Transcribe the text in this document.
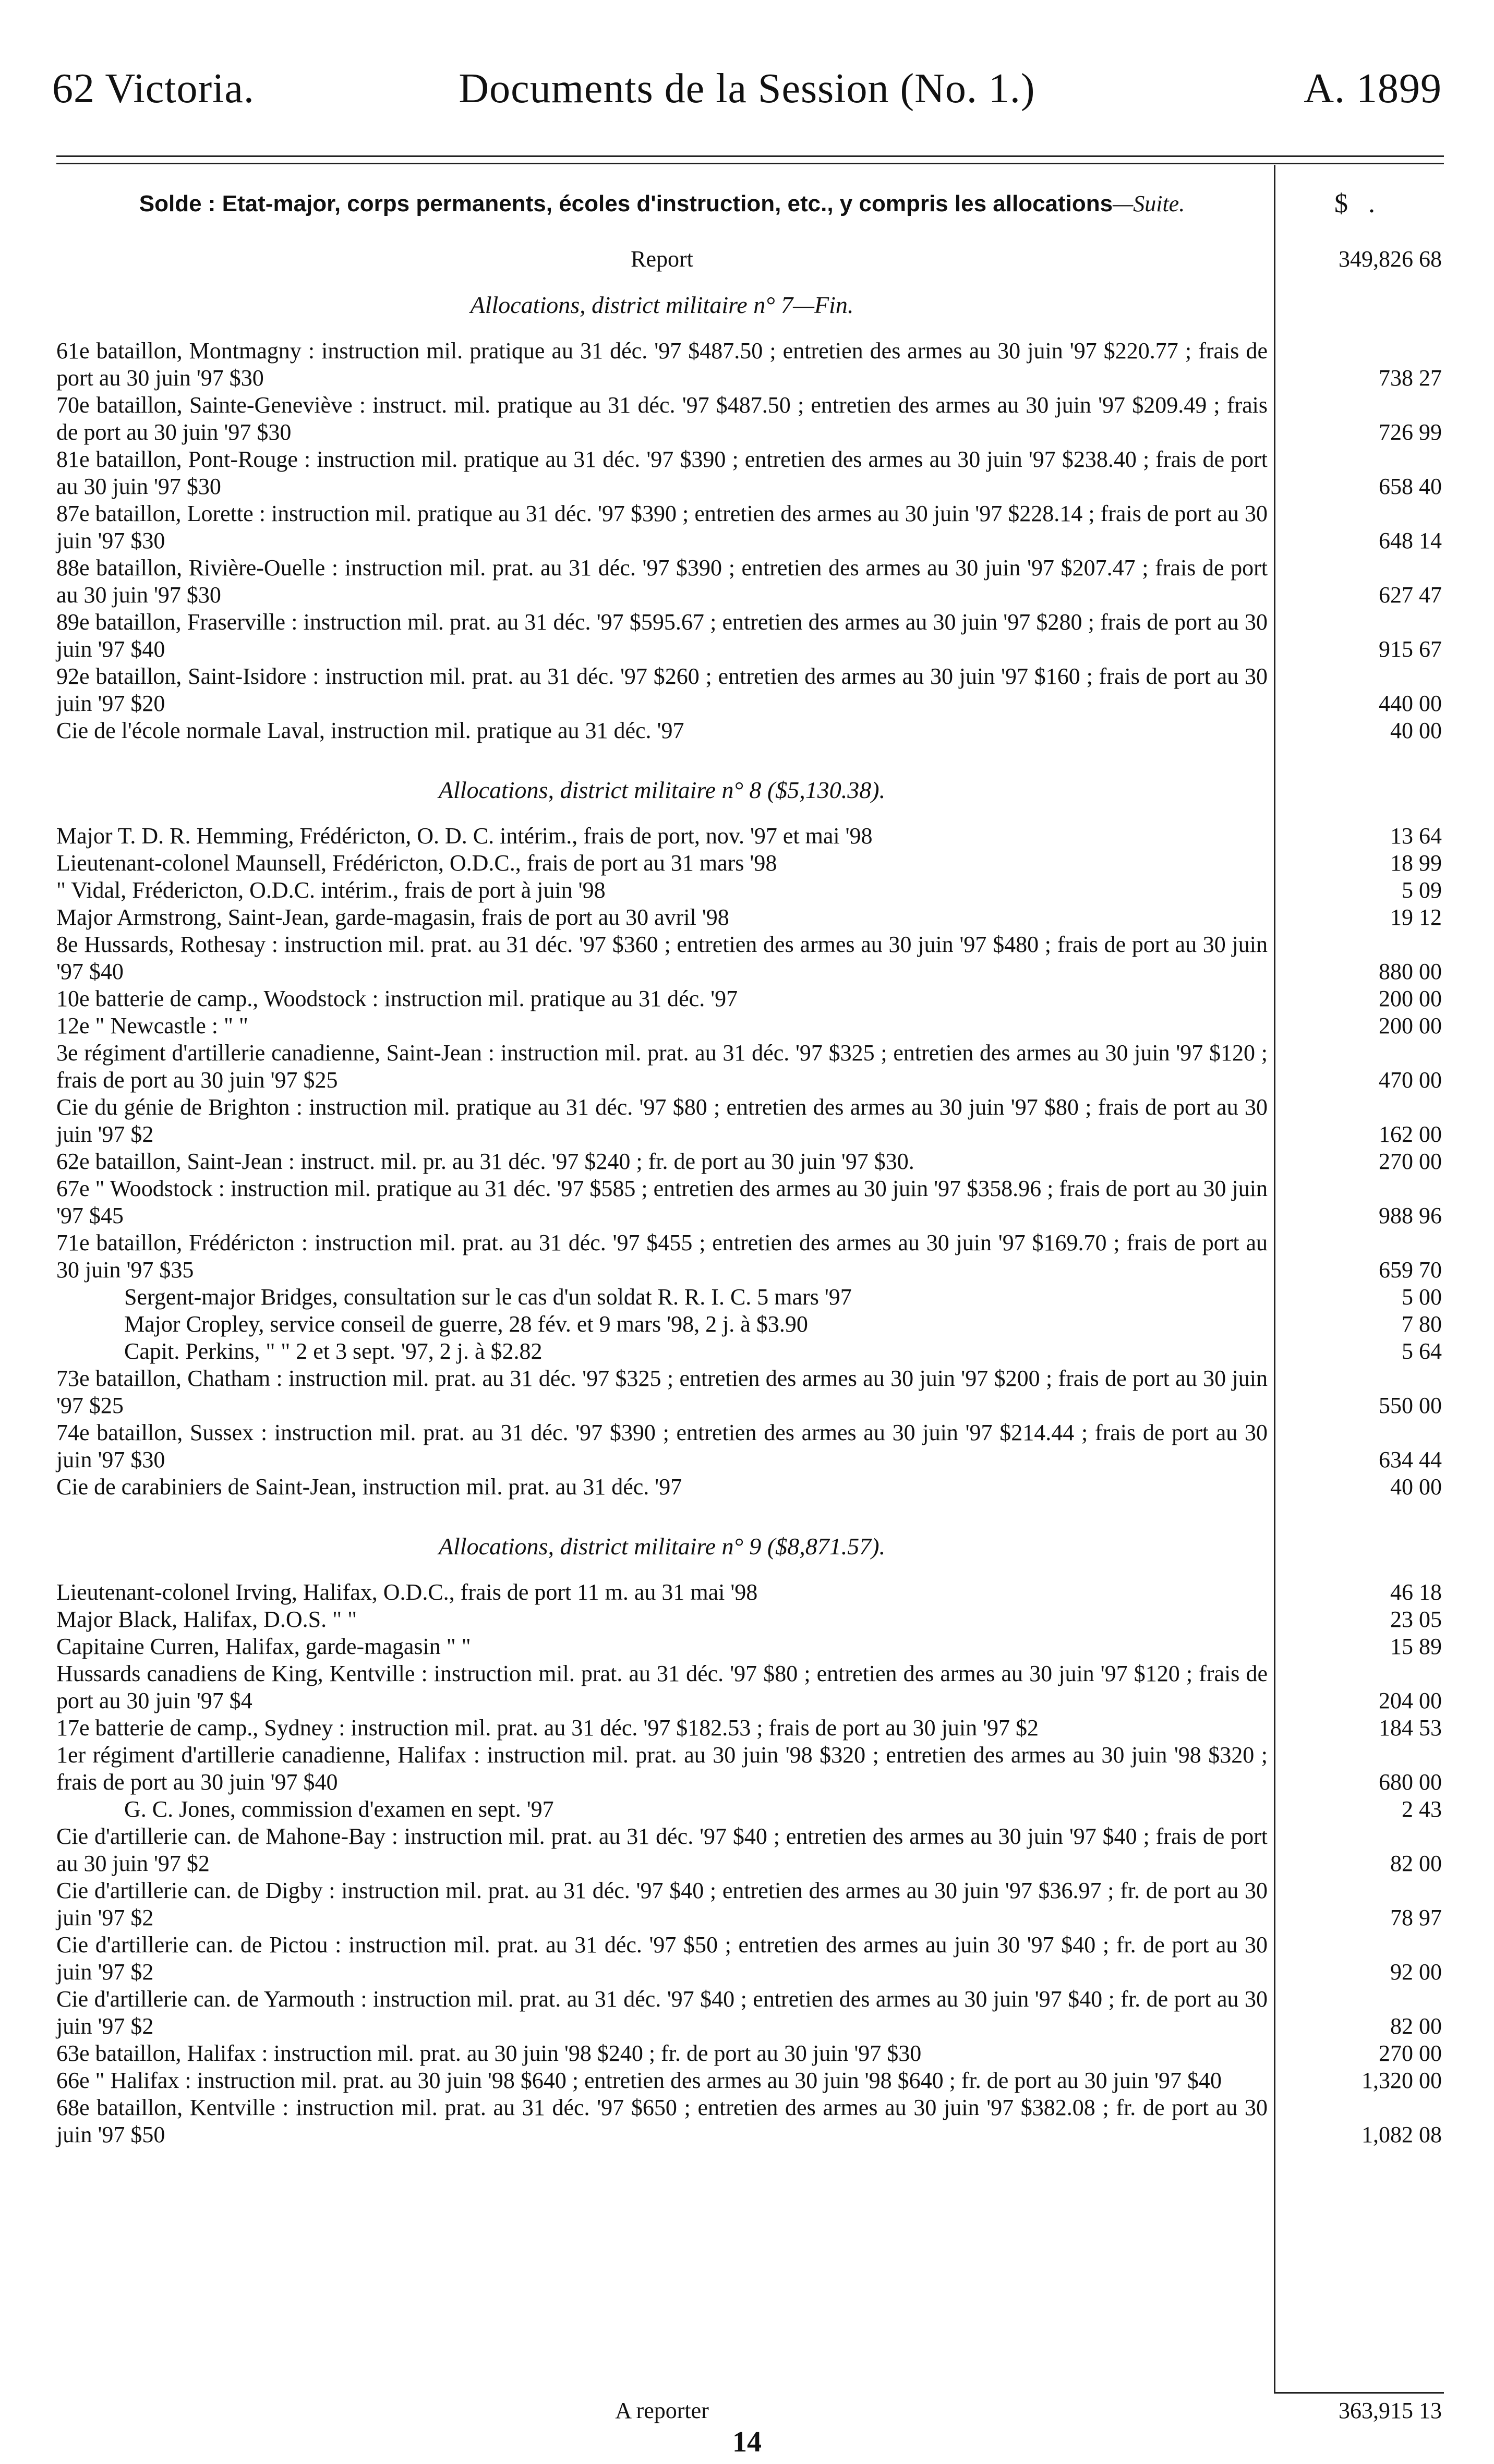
62 Victoria.	Documents de la Session (No. 1.)	A. 1899
Solde : Etat-major, corps permanents, écoles d'instruction, etc., y compris les allocations—Suite.	$ .
Report	349,826 68
Allocations, district militaire n° 7—Fin.
61e bataillon, Montmagny : instruction mil. pratique au 31 déc. '97 $487.50 ; entretien des armes au 30 juin '97 $220.77 ; frais de port au 30 juin '97 $30	738 27
70e bataillon, Sainte-Geneviève : instruct. mil. pratique au 31 déc. '97 $487.50 ; entretien des armes au 30 juin '97 $209.49 ; frais de port au 30 juin '97 $30	726 99
81e bataillon, Pont-Rouge : instruction mil. pratique au 31 déc. '97 $390 ; entretien des armes au 30 juin '97 $238.40 ; frais de port au 30 juin '97 $30	658 40
87e bataillon, Lorette : instruction mil. pratique au 31 déc. '97 $390 ; entretien des armes au 30 juin '97 $228.14 ; frais de port au 30 juin '97 $30	648 14
88e bataillon, Rivière-Ouelle : instruction mil. prat. au 31 déc. '97 $390 ; entretien des armes au 30 juin '97 $207.47 ; frais de port au 30 juin '97 $30	627 47
89e bataillon, Fraserville : instruction mil. prat. au 31 déc. '97 $595.67 ; entretien des armes au 30 juin '97 $280 ; frais de port au 30 juin '97 $40	915 67
92e bataillon, Saint-Isidore : instruction mil. prat. au 31 déc. '97 $260 ; entretien des armes au 30 juin '97 $160 ; frais de port au 30 juin '97 $20	440 00
Cie de l'école normale Laval, instruction mil. pratique au 31 déc. '97	40 00
Allocations, district militaire n° 8 ($5,130.38).
Major T. D. R. Hemming, Frédéricton, O. D. C. intérim., frais de port, nov. '97 et mai '98	13 64
Lieutenant-colonel Maunsell, Frédéricton, O.D.C., frais de port au 31 mars '98	18 99
" Vidal, Frédericton, O.D.C. intérim., frais de port à juin '98	5 09
Major Armstrong, Saint-Jean, garde-magasin, frais de port au 30 avril '98	19 12
8e Hussards, Rothesay : instruction mil. prat. au 31 déc. '97 $360 ; entretien des armes au 30 juin '97 $480 ; frais de port au 30 juin '97 $40	880 00
10e batterie de camp., Woodstock : instruction mil. pratique au 31 déc. '97	200 00
12e " Newcastle : " "	200 00
3e régiment d'artillerie canadienne, Saint-Jean : instruction mil. prat. au 31 déc. '97 $325 ; entretien des armes au 30 juin '97 $120 ; frais de port au 30 juin '97 $25	470 00
Cie du génie de Brighton : instruction mil. pratique au 31 déc. '97 $80 ; entretien des armes au 30 juin '97 $80 ; frais de port au 30 juin '97 $2	162 00
62e bataillon, Saint-Jean : instruct. mil. pr. au 31 déc. '97 $240 ; fr. de port au 30 juin '97 $30.	270 00
67e " Woodstock : instruction mil. pratique au 31 déc. '97 $585 ; entretien des armes au 30 juin '97 $358.96 ; frais de port au 30 juin '97 $45	988 96
71e bataillon, Frédéricton : instruction mil. prat. au 31 déc. '97 $455 ; entretien des armes au 30 juin '97 $169.70 ; frais de port au 30 juin '97 $35	659 70
Sergent-major Bridges, consultation sur le cas d'un soldat R. R. I. C. 5 mars '97	5 00
Major Cropley, service conseil de guerre, 28 fév. et 9 mars '98, 2 j. à $3.90	7 80
Capit. Perkins, " " 2 et 3 sept. '97, 2 j. à $2.82	5 64
73e bataillon, Chatham : instruction mil. prat. au 31 déc. '97 $325 ; entretien des armes au 30 juin '97 $200 ; frais de port au 30 juin '97 $25	550 00
74e bataillon, Sussex : instruction mil. prat. au 31 déc. '97 $390 ; entretien des armes au 30 juin '97 $214.44 ; frais de port au 30 juin '97 $30	634 44
Cie de carabiniers de Saint-Jean, instruction mil. prat. au 31 déc. '97	40 00
Allocations, district militaire n° 9 ($8,871.57).
Lieutenant-colonel Irving, Halifax, O.D.C., frais de port 11 m. au 31 mai '98	46 18
Major Black, Halifax, D.O.S. " "	23 05
Capitaine Curren, Halifax, garde-magasin " "	15 89
Hussards canadiens de King, Kentville : instruction mil. prat. au 31 déc. '97 $80 ; entretien des armes au 30 juin '97 $120 ; frais de port au 30 juin '97 $4	204 00
17e batterie de camp., Sydney : instruction mil. prat. au 31 déc. '97 $182.53 ; frais de port au 30 juin '97 $2	184 53
1er régiment d'artillerie canadienne, Halifax : instruction mil. prat. au 30 juin '98 $320 ; entretien des armes au 30 juin '98 $320 ; frais de port au 30 juin '97 $40	680 00
G. C. Jones, commission d'examen en sept. '97	2 43
Cie d'artillerie can. de Mahone-Bay : instruction mil. prat. au 31 déc. '97 $40 ; entretien des armes au 30 juin '97 $40 ; frais de port au 30 juin '97 $2	82 00
Cie d'artillerie can. de Digby : instruction mil. prat. au 31 déc. '97 $40 ; entretien des armes au 30 juin '97 $36.97 ; fr. de port au 30 juin '97 $2	78 97
Cie d'artillerie can. de Pictou : instruction mil. prat. au 31 déc. '97 $50 ; entretien des armes au juin 30 '97 $40 ; fr. de port au 30 juin '97 $2	92 00
Cie d'artillerie can. de Yarmouth : instruction mil. prat. au 31 déc. '97 $40 ; entretien des armes au 30 juin '97 $40 ; fr. de port au 30 juin '97 $2	82 00
63e bataillon, Halifax : instruction mil. prat. au 30 juin '98 $240 ; fr. de port au 30 juin '97 $30	270 00
66e " Halifax : instruction mil. prat. au 30 juin '98 $640 ; entretien des armes au 30 juin '98 $640 ; fr. de port au 30 juin '97 $40	1,320 00
68e bataillon, Kentville : instruction mil. prat. au 31 déc. '97 $650 ; entretien des armes au 30 juin '97 $382.08 ; fr. de port au 30 juin '97 $50	1,082 08
A reporter	363,915 13
14
